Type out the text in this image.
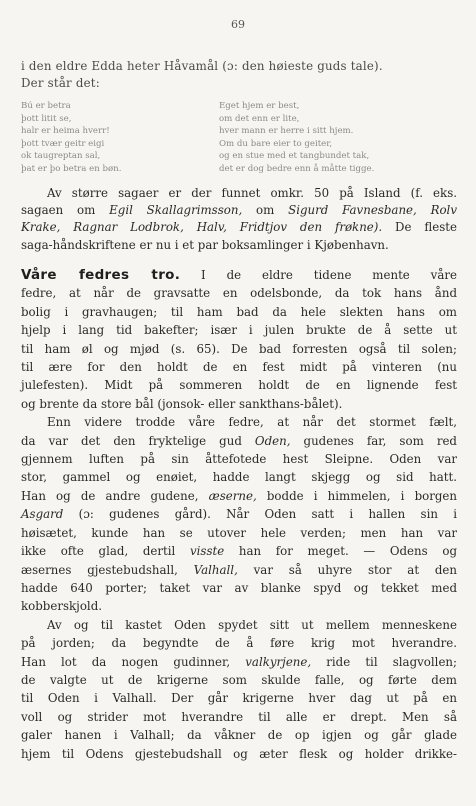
69

i den eldre Edda heter Håvamål (ɔ: den høieste guds tale).

Der står det:

Bú er betra
þott litit se,
halr er heima hverr!
þott tvær geitr eigi
ok taugreptan sal,
þat er þo betra en bøn.
Eget hjem er best,
om det enn er lite,
hver mann er herre i sitt hjem.
Om du bare eier to geiter,
og en stue med et tangbundet tak,
det er dog bedre enn å måtte tigge.

Av større sagaer er der funnet omkr. 50 på Island (f. eks.

sagaen om Egil Skallagrimsson, om Sigurd Favnesbane, Rolv

Krake, Ragnar Lodbrok, Halv, Fridtjov den frøkne). De fleste

saga-håndskriftene er nu i et par boksamlinger i Kjøbenhavn.

Våre fedres tro. I de eldre tidene mente våre

fedre, at når de gravsatte en odelsbonde, da tok hans ånd

bolig i gravhaugen; til ham bad da hele slekten hans om

hjelp i lang tid bakefter; især i julen brukte de å sette ut

til ham øl og mjød (s. 65). De bad forresten også til solen;

til ære for den holdt de en fest midt på vinteren (nu

julefesten). Midt på sommeren holdt de en lignende fest

og brente da store bål (jonsok- eller sankthans-bålet).

Enn videre trodde våre fedre, at når det stormet fælt,

da var det den fryktelige gud Oden, gudenes far, som red

gjennem luften på sin åttefotede hest Sleipne. Oden var

stor, gammel og enøiet, hadde langt skjegg og sid hatt.

Han og de andre gudene, æserne, bodde i himmelen, i borgen

Asgard (ɔ: gudenes gård). Når Oden satt i hallen sin i

høisætet, kunde han se utover hele verden; men han var

ikke ofte glad, dertil visste han for meget. — Odens og

æsernes gjestebudshall, Valhall, var så uhyre stor at den

hadde 640 porter; taket var av blanke spyd og tekket med

kobberskjold.

Av og til kastet Oden spydet sitt ut mellem menneskene

på jorden; da begyndte de å føre krig mot hverandre.

Han lot da nogen gudinner, valkyrjene, ride til slagvollen;

de valgte ut de krigerne som skulde falle, og førte dem

til Oden i Valhall. Der går krigerne hver dag ut på en

voll og strider mot hverandre til alle er drept. Men så

galer hanen i Valhall; da våkner de op igjen og går glade

hjem til Odens gjestebudshall og æter flesk og holder drikke-
